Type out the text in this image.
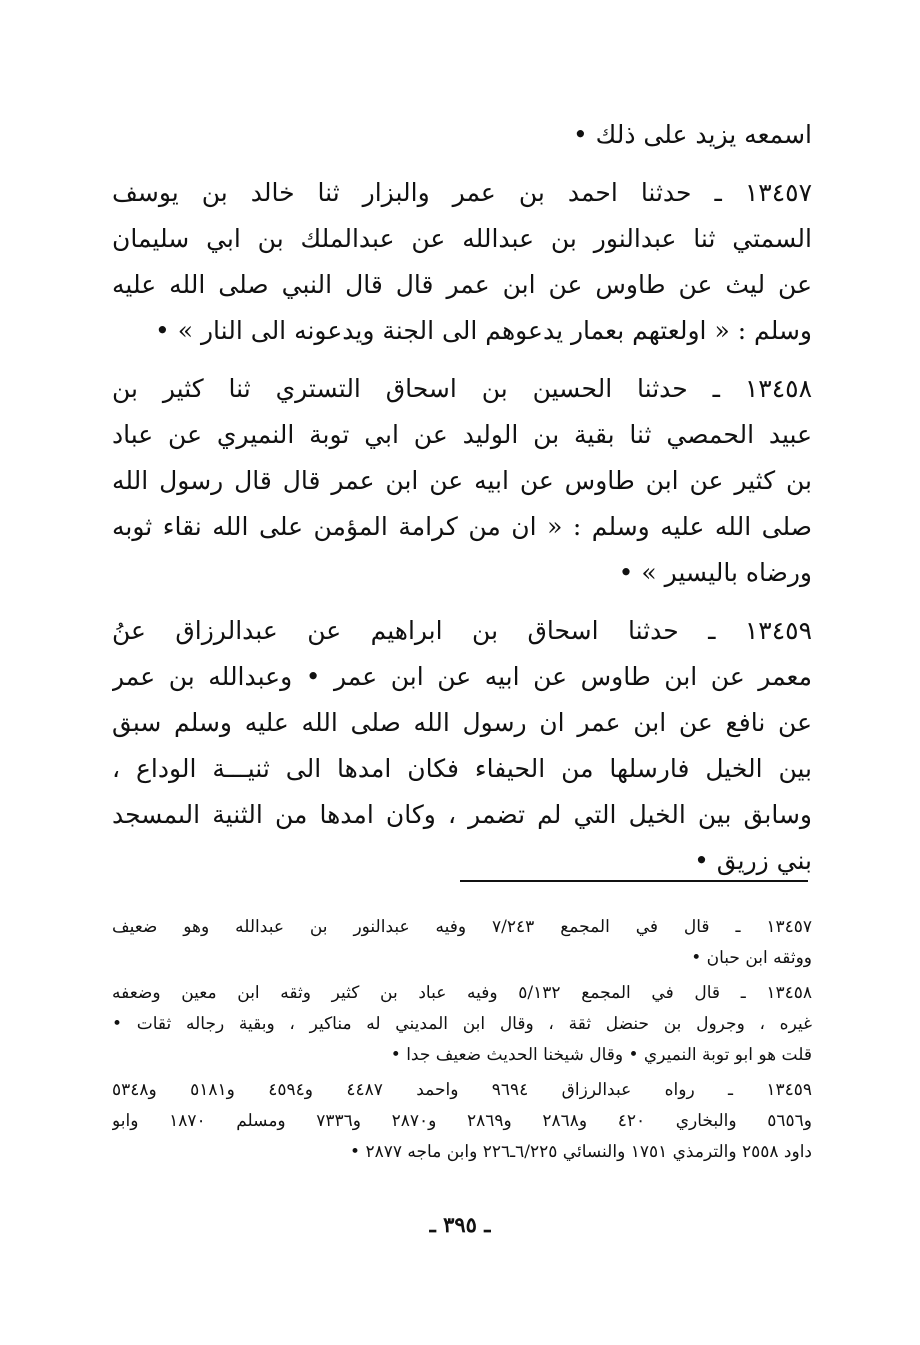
اسمعه يزيد على ذلك •
١٣٤٥٧ ـ حدثنا احمد بن عمر والبزار ثنا خالد بن يوسف
السمتي ثنا عبدالنور بن عبدالله عن عبدالملك بن ابي سليمان
عن ليث عن طاوس عن ابن عمر قال قال النبي صلى الله عليه
وسلم : « اولعتهم بعمار يدعوهم الى الجنة ويدعونه الى النار » •
١٣٤٥٨ ـ حدثنا الحسين بن اسحاق التستري ثنا كثير بن
عبيد الحمصي ثنا بقية بن الوليد عن ابي توبة النميري عن عباد
بن كثير عن ابن طاوس عن ابيه عن ابن عمر قال قال رسول الله
صلى الله عليه وسلم : « ان من كرامة المؤمن على الله نقاء ثوبه
ورضاه باليسير » •
١٣٤٥٩ ـ حدثنا اسحاق بن ابراهيم عن عبدالرزاق عنُ
معمر عن ابن طاوس عن ابيه عن ابن عمر • وعبدالله بن عمر
عن نافع عن ابن عمر ان رسول الله صلى الله عليه وسلم سبق
بين الخيل فارسلها من الحيفاء فكان امدها الى ثنيـــة الوداع ،
وسابق بين الخيل التي لم تضمر ، وكان امدها من الثنية الىمسجد
بني زريق •
١٣٤٥٧ ـ قال في المجمع ٧/٢٤٣ وفيه عبدالنور بن عبدالله وهو ضعيف
ووثقه ابن حبان •
١٣٤٥٨ ـ قال في المجمع ٥/١٣٢ وفيه عباد بن كثير وثقه ابن معين وضعفه
غيره ، وجرول بن حنضل ثقة ، وقال ابن المديني له مناكير ، وبقية رجاله ثقات •
قلت هو ابو توبة النميري • وقال شيخنا الحديث ضعيف جدا •
١٣٤٥٩ ـ رواه عبدالرزاق ٩٦٩٤ واحمد ٤٤٨٧ و٤٥٩٤ و٥١٨١ و٥٣٤٨
و٥٦٥٦ والبخاري ٤٢٠ و٢٨٦٨ و٢٨٦٩ و٢٨٧٠ و٧٣٣٦ ومسلم ١٨٧٠ وابو
داود ٢٥٥٨ والترمذي ١٧٥١ والنسائي ٦/٢٢٥ـ٢٢٦ وابن ماجه ٢٨٧٧ •
ـ ٣٩٥ ـ
